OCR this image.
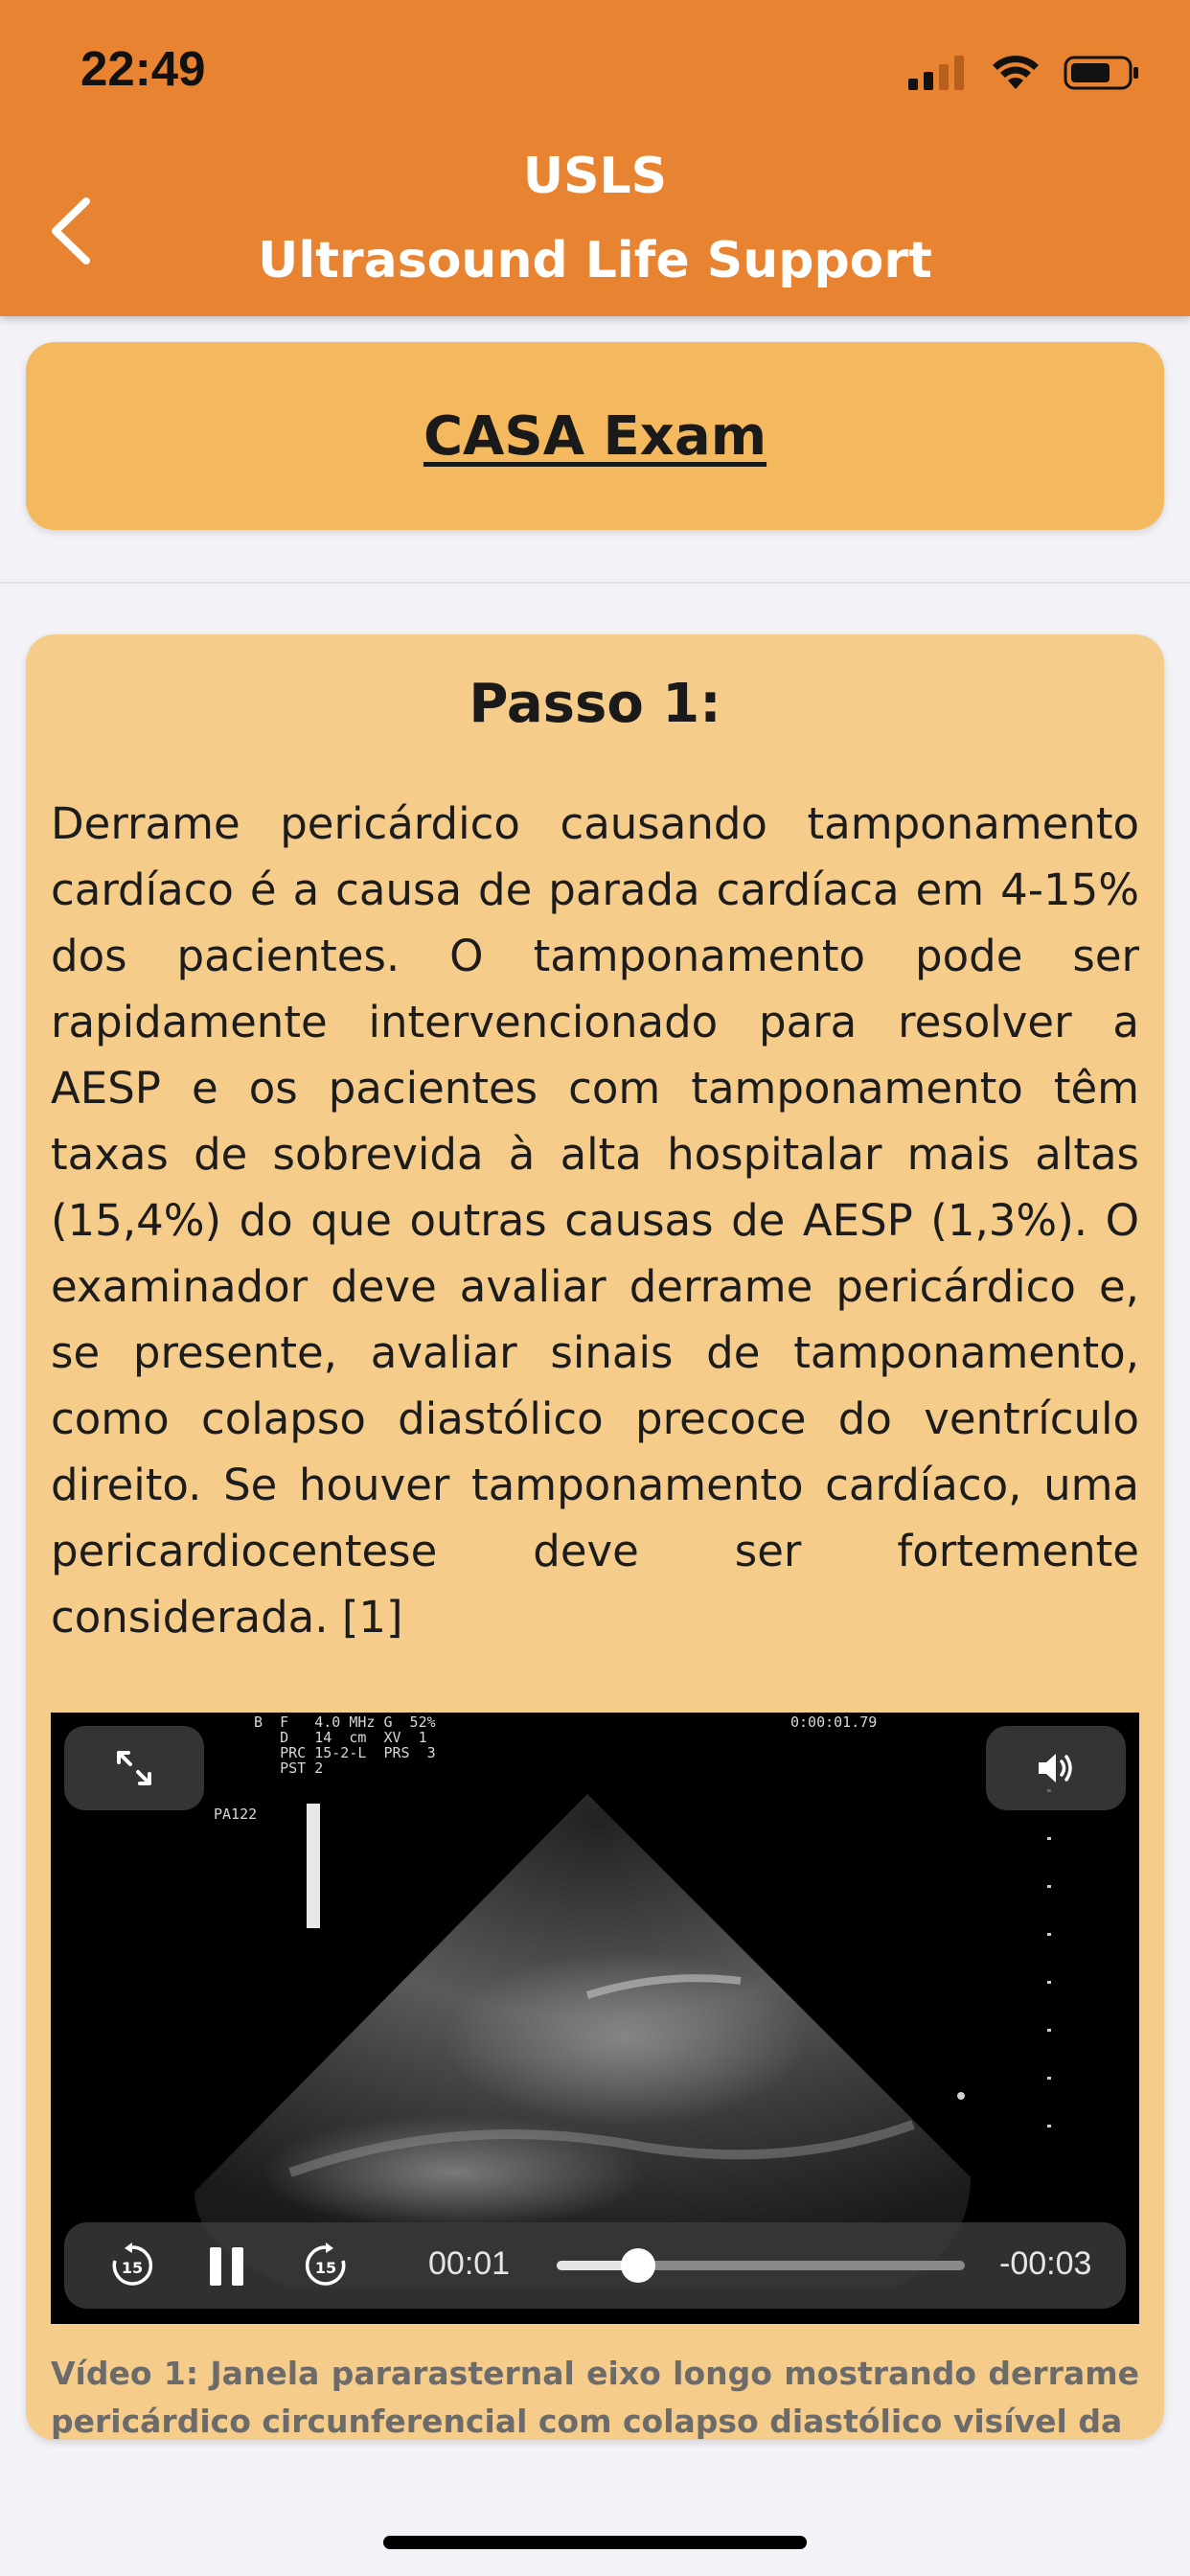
22:49
USLS
Ultrasound Life Support
CASA Exam
Passo 1:
Derrame pericárdico causando tamponamento cardíaco é a causa de parada cardíaca em 4-15% dos pacientes. O tamponamento pode ser rapidamente intervencionado para resolver a AESP e os pacientes com tamponamento têm taxas de sobrevida à alta hospitalar mais altas (15,4%) do que outras causas de AESP (1,3%). O examinador deve avaliar derrame pericárdico e, se presente, avaliar sinais de tamponamento, como colapso diastólico precoce do ventrículo direito. Se houver tamponamento cardíaco, uma pericardiocentese deve ser fortemente considerada. [1]
B  F   4.0 MHz G  52%
D   14  cm  XV  1
PRC 15-2-L  PRS  3
PST 2
0:00:01.79
PA122
15	15	00:01	-00:03
Vídeo 1: Janela pararasternal eixo longo mostrando derrame pericárdico circunferencial com colapso diastólico visível da
